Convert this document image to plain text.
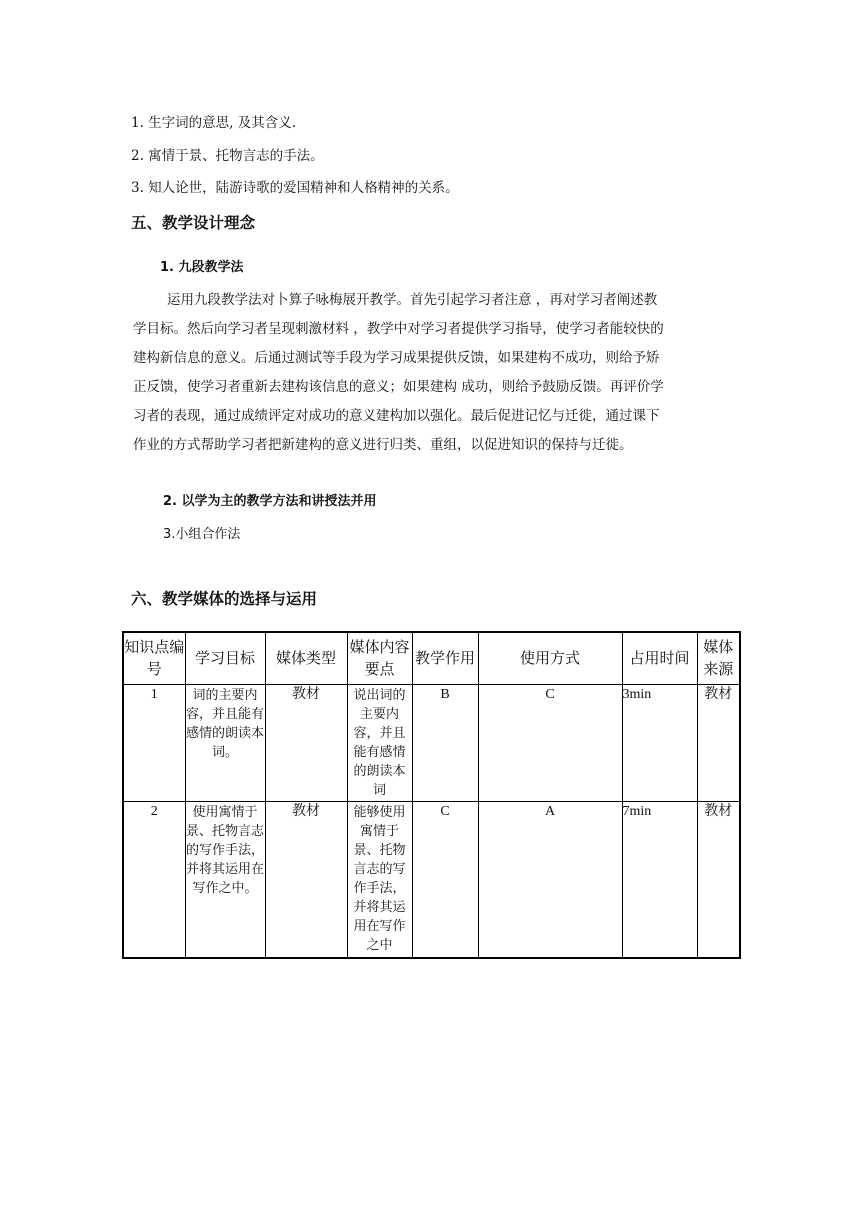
1. 生字词的意思, 及其含义.
2. 寓情于景、托物言志的手法。
3. 知人论世，陆游诗歌的爱国精神和人格精神的关系。
五、教学设计理念
1. 九段教学法
运用九段教学法对卜算子咏梅展开教学。首先引起学习者注意 ，再对学习者阐述教
学目标。然后向学习者呈现刺激材料 ，教学中对学习者提供学习指导，使学习者能较快的
建构新信息的意义。后通过测试等手段为学习成果提供反馈，如果建构不成功，则给予矫
正反馈，使学习者重新去建构该信息的意义；如果建构 成功，则给予鼓励反馈。再评价学
习者的表现，通过成绩评定对成功的意义建构加以强化。最后促进记忆与迁徙，通过课下
作业的方式帮助学习者把新建构的意义进行归类、重组，以促进知识的保持与迁徙。
2. 以学为主的教学方法和讲授法并用
3.小组合作法
六、教学媒体的选择与运用
知识点编 号	学习目标	媒体类型	媒体内容要点	教学作用	使用方式	占用时间	媒体来源
1	词的主要内容，并且能有感情的朗读本词。	教材	说出词的主要内容，并且能有感情的朗读本词	B	C	3min	教材
2	使用寓情于景、托物言志的写作手法，并将其运用在写作之中。	教材	能够使用寓情于景、托物言志的写作手法，并将其运用在写作之中	C	A	7min	教材
